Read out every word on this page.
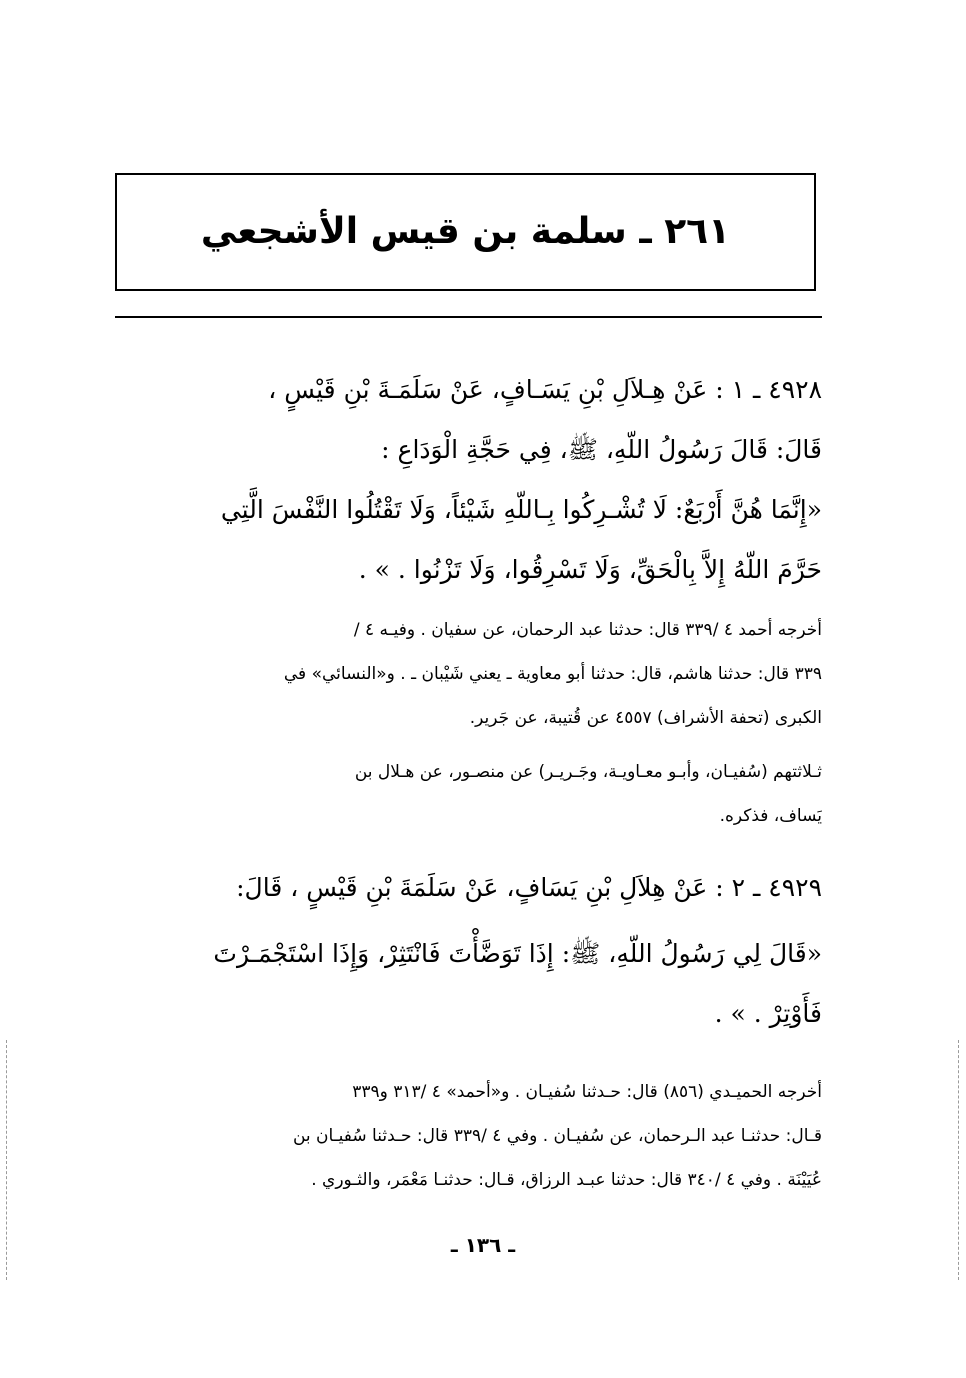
٢٦١ ـ سلمة بن قيس الأشجعي
٤٩٢٨ ـ ١ : عَنْ هِـلاَلِ بْنِ يَسَـافٍ، عَنْ سَلَمَـةَ بْنِ قَيْسٍ ،
قَالَ: قَالَ رَسُولُ اللّهِ، ﷺ، فِي حَجَّةِ الْوَدَاعِ :
«إِنَّمَا هُنَّ أَرْبَعٌ: لَا تُشْـرِكُوا بِـاللّهِ شَيْئاً، وَلَا تَقْتُلُوا النَّفْسَ الَّتِي
حَرَّمَ اللّهُ إِلاَّ بِالْحَقِّ، وَلَا تَسْرِقُوا، وَلَا تَزْنُوا . » .
أخرجه أحمد ٤ /٣٣٩ قال: حدثنا عبد الرحمان، عن سفيان . وفيـه ٤ /
٣٣٩ قال: حدثنا هاشم، قال: حدثنا أبو معاوية ـ يعني شَيْبان ـ . و«النسائي» في
الكبرى (تحفة الأشراف) ٤٥٥٧ عن قُتيبة، عن جَرير.
ثـلاثتهم (سُفيـان، وأبـو معـاويـة، وجَـريـر) عن منصـور، عن هـلال بن
يَساف، فذكره.
٤٩٢٩ ـ ٢ : عَنْ هِلاَلِ بْنِ يَسَافٍ، عَنْ سَلَمَةَ بْنِ قَيْسٍ ، قَالَ:
«قَالَ لِي رَسُولُ اللّهِ، ﷺ: إِذَا تَوَضَّأْتَ فَانْتَثِرْ، وَإِذَا اسْتَجْمَـرْتَ
فَأَوْتِرْ . » .
أخرجه الحميـدي (٨٥٦) قال: حـدثنا سُفيـان . و«أحمد» ٤ /٣١٣ و٣٣٩
قـال: حدثنـا عبد الـرحمان، عن سُفيـان . وفي ٤ /٣٣٩ قال: حـدثنا سُفيـان بن
عُيَيْنَة . وفي ٤ /٣٤٠ قال: حدثنا عبـد الرزاق، قـال: حدثنـا مَعْمَر، والثـوري .
ـ ١٣٦ ـ
